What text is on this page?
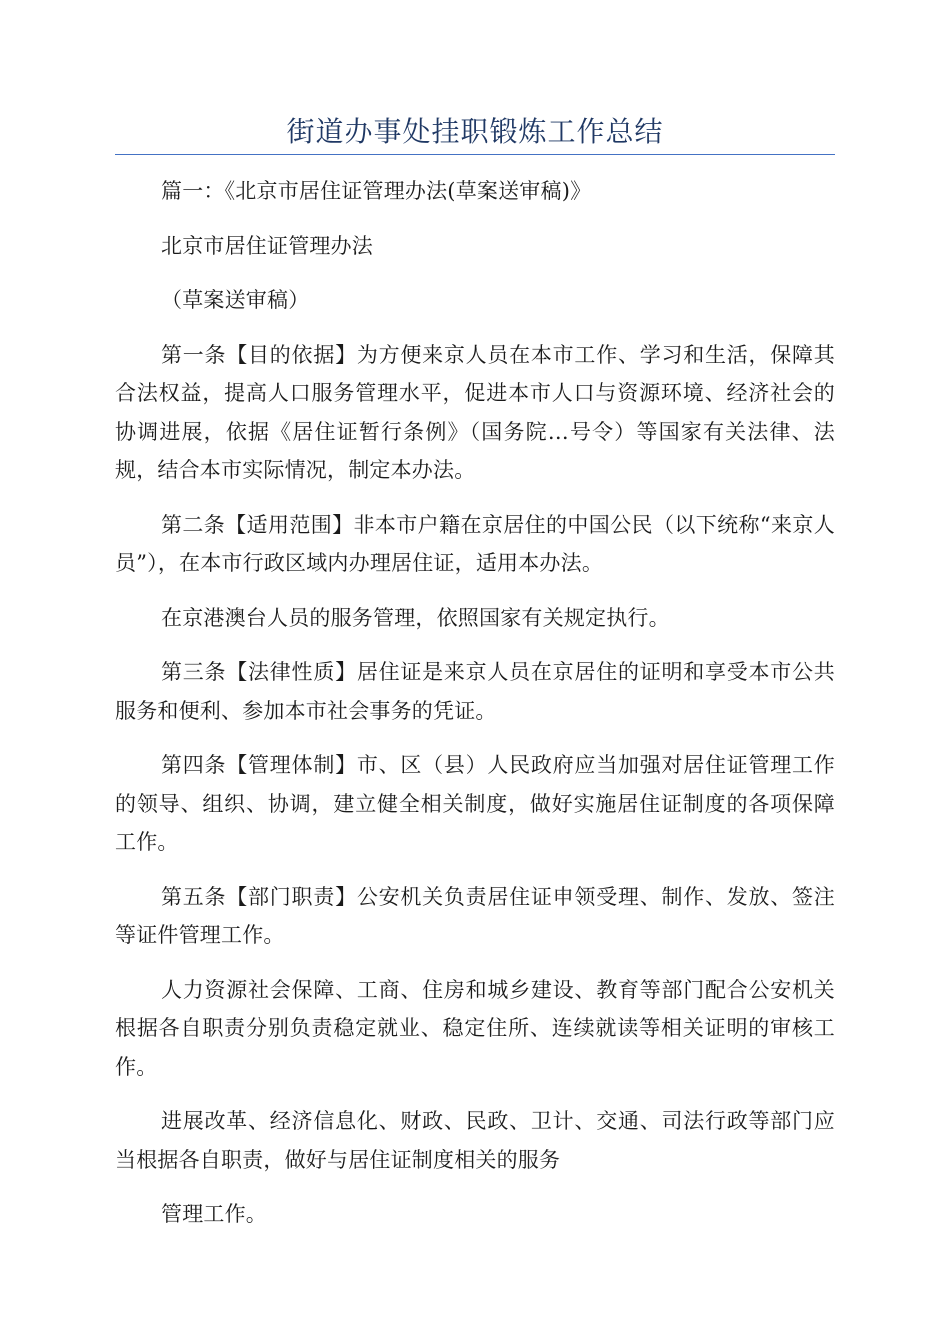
街道办事处挂职锻炼工作总结

篇一：《北京市居住证管理办法(草案送审稿)》

北京市居住证管理办法

（草案送审稿）

第一条【目的依据】为方便来京人员在本市工作、学习和生活，保障其合法权益，提高人口服务管理水平，促进本市人口与资源环境、经济社会的协调进展，依据《居住证暂行条例》（国务院…号令）等国家有关法律、法规，结合本市实际情况，制定本办法。

第二条【适用范围】非本市户籍在京居住的中国公民（以下统称“来京人员”），在本市行政区域内办理居住证，适用本办法。

在京港澳台人员的服务管理，依照国家有关规定执行。

第三条【法律性质】居住证是来京人员在京居住的证明和享受本市公共服务和便利、参加本市社会事务的凭证。

第四条【管理体制】市、区（县）人民政府应当加强对居住证管理工作的领导、组织、协调，建立健全相关制度，做好实施居住证制度的各项保障工作。

第五条【部门职责】公安机关负责居住证申领受理、制作、发放、签注等证件管理工作。

人力资源社会保障、工商、住房和城乡建设、教育等部门配合公安机关根据各自职责分别负责稳定就业、稳定住所、连续就读等相关证明的审核工作。

进展改革、经济信息化、财政、民政、卫计、交通、司法行政等部门应当根据各自职责，做好与居住证制度相关的服务

管理工作。
